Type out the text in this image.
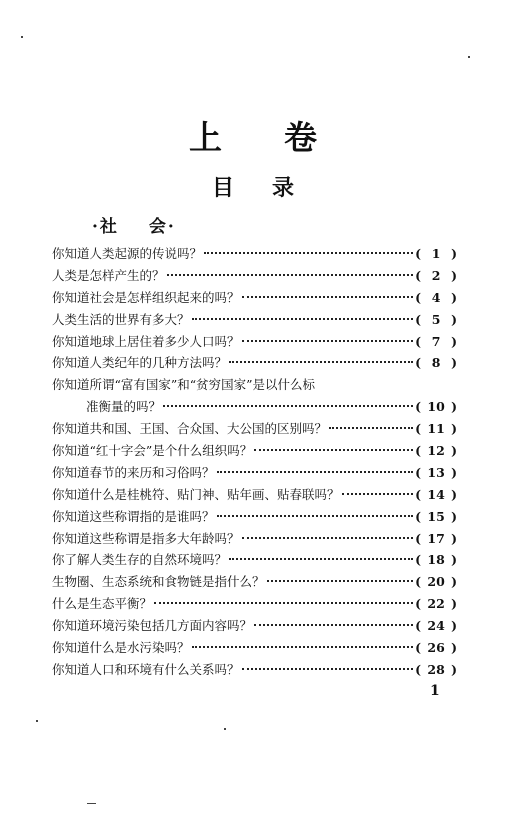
上卷
目录
·社 会·
你知道人类起源的传说吗？	( 1 )
人类是怎样产生的？	( 2 )
你知道社会是怎样组织起来的吗？	( 4 )
人类生活的世界有多大？	( 5 )
你知道地球上居住着多少人口吗？	( 7 )
你知道人类纪年的几种方法吗？	( 8 )
你知道所谓“富有国家”和“贫穷国家”是以什么标
准衡量的吗？	( 10 )
你知道共和国、王国、合众国、大公国的区别吗？	( 11 )
你知道“红十字会”是个什么组织吗？	( 12 )
你知道春节的来历和习俗吗？	( 13 )
你知道什么是桂桃符、贴门神、贴年画、贴春联吗？	( 14 )
你知道这些称谓指的是谁吗？	( 15 )
你知道这些称谓是指多大年龄吗？	( 17 )
你了解人类生存的自然环境吗？	( 18 )
生物圈、生态系统和食物链是指什么？	( 20 )
什么是生态平衡？	( 22 )
你知道环境污染包括几方面内容吗？	( 24 )
你知道什么是水污染吗？	( 26 )
你知道人口和环境有什么关系吗？	( 28 )
1
